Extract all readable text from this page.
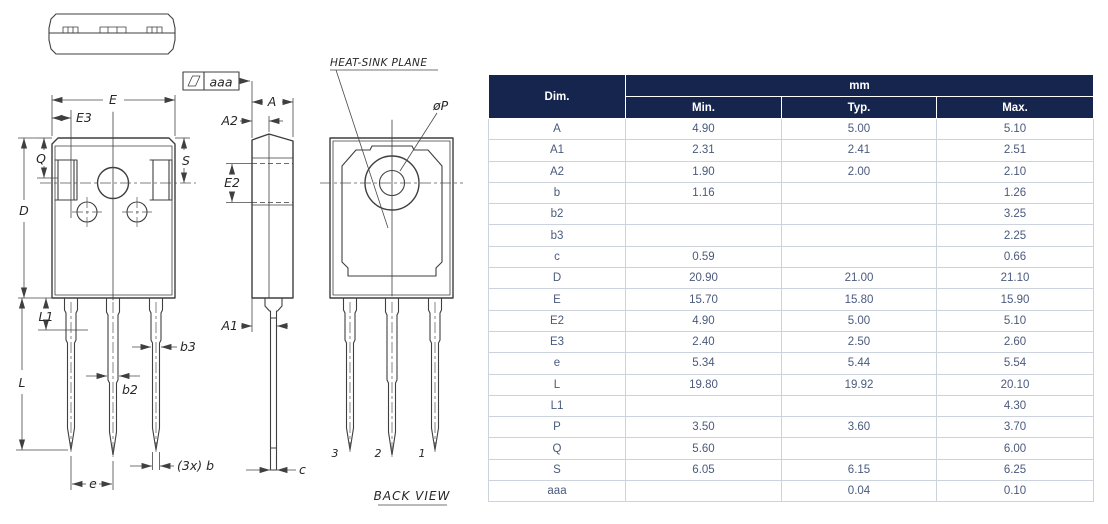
aaa
E
E3
Q	S
D
L1
L
b3
b2
(3x) b
e
A
A2
E2
A1
c
HEAT-SINK PLANE
øP
3	2	1
BACK VIEW
Dim.	mm		
	Min.	Typ.	Max.
A	4.90	5.00	5.10
A1	2.31	2.41	2.51
A2	1.90	2.00	2.10
b	1.16		1.26
b2			3.25
b3			2.25
c	0.59		0.66
D	20.90	21.00	21.10
E	15.70	15.80	15.90
E2	4.90	5.00	5.10
E3	2.40	2.50	2.60
e	5.34	5.44	5.54
L	19.80	19.92	20.10
L1			4.30
P	3.50	3.60	3.70
Q	5.60		6.00
S	6.05	6.15	6.25
aaa		0.04	0.10
